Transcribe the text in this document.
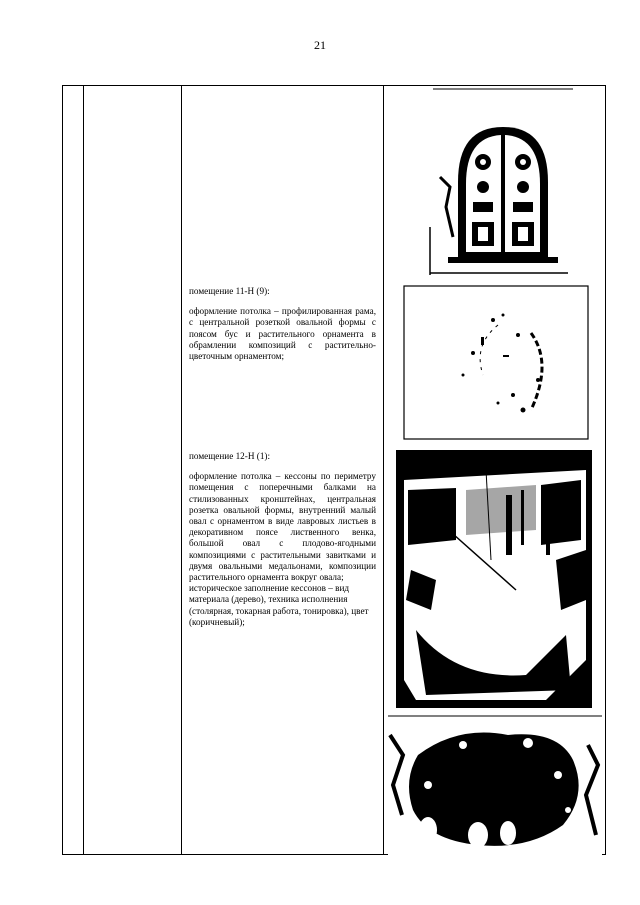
21

помещение 11-Н (9):

оформление потолка – профилированная рама, с центральной розеткой овальной формы с поясом бус и растительного орнамента в обрамлении композиций с растительно-цветочным орнаментом;

помещение 12-Н (1):

оформление потолка – кессоны по периметру помещения с поперечными балками на стилизованных кронштейнах, центральная розетка овальной формы, внутренний малый овал с орнаментом в виде лавровых листьев в декоративном поясе лиственного венка, большой овал с плодово-ягодными композициями с растительными завитками и двумя овальными медальонами, композиции растительного орнамента вокруг овала;

историческое заполнение кессонов – вид материала (дерево), техника исполнения (столярная, токарная работа, тонировка), цвет (коричневый);
